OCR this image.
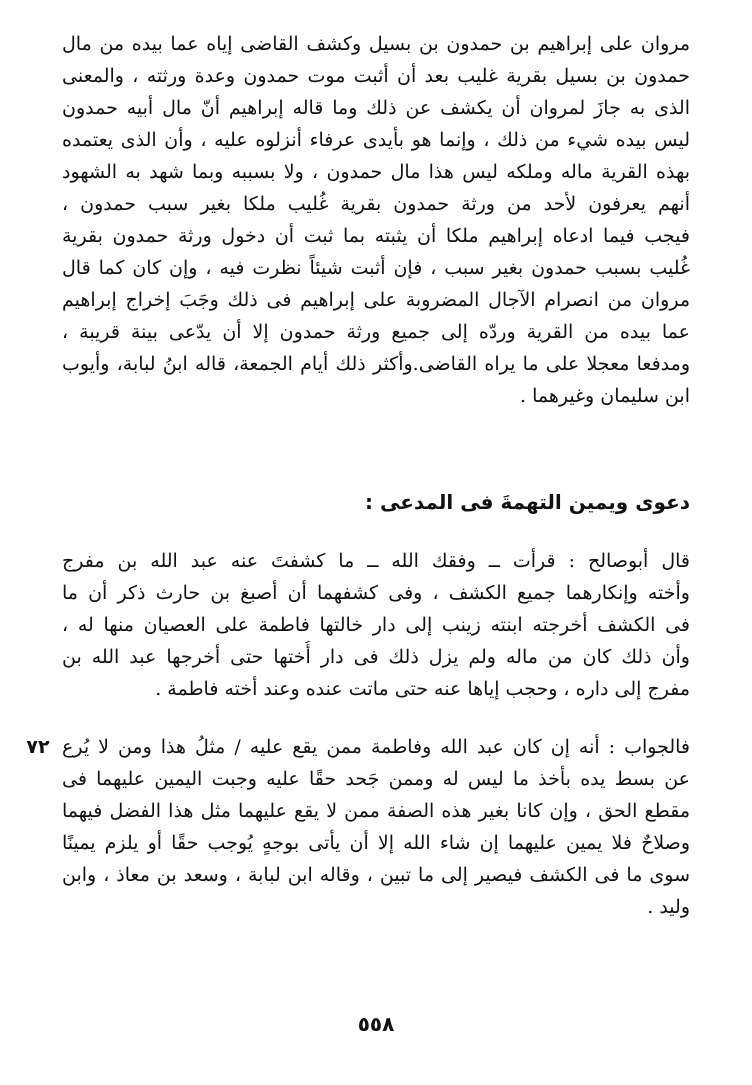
مروان على إبراهيم بن حمدون بن بسيل وكشف القاضى إياه عما بيده من مال
حمدون بن بسيل بقرية غليب بعد أن أثبت موت حمدون وعدة ورثته ، والمعنى
الذى به جازَ لمروان أن يكشف عن ذلك وما قاله إبراهيم أنّ مال أبيه حمدون
ليس بيده شيء من ذلك ، وإنما هو بأيدى عرفاء أنزلوه عليه ، وأن الذى يعتمده
بهذه القرية ماله وملكه ليس هذا مال حمدون ، ولا بسببه وبما شهد به الشهود
أنهم يعرفون لأحد من ورثة حمدون بقرية غُليب ملكا بغير سبب حمدون ،
فيجب فيما ادعاه إبراهيم ملكا أن يثبته بما ثبت أن دخول ورثة حمدون بقرية
غُليب بسبب حمدون بغير سبب ، فإن أثبت شيئاً نظرت فيه ، وإن كان كما قال
مروان من انصرام الآجال المضروبة على إبراهيم فى ذلك وجَبَ إخراج إبراهيم
عما بيده من القرية وردّه إلى جميع ورثة حمدون إلا أن يدّعى بينة قريبة ،
ومدفعا معجلا على ما يراه القاضى.وأكثر ذلك أيام الجمعة، قاله ابنُ لبابة، وأيوب
ابن سليمان وغيرهما .
دعوى ويمين التهمةَ فى المدعى :
قال أبوصالح : قرأت ــ وفقك الله ــ ما كشفتَ عنه عبد الله بن مفرج
وأخته وإنكارهما جميع الكشف ، وفى كشفهما أن أصبغ بن حارث ذكر أن ما
فى الكشف أخرجته ابنته زينب إلى دار خالتها فاطمة على العصيان منها له ،
وأن ذلك كان من ماله ولم يزل ذلك فى دار أُختها حتى أخرجها عبد الله بن
مفرج إلى داره ، وحجب إياها عنه حتى ماتت عنده وعند أخته فاطمة .
٧٢ فالجواب : أنه إن كان عبد الله وفاطمة ممن يقع عليه / مثلُ هذا ومن لا يُرع
عن بسط يده بأخذ ما ليس له وممن جَحد حقًا عليه وجبت اليمين عليهما فى
مقطع الحق ، وإن كانا بغير هذه الصفة ممن لا يقع عليهما مثل هذا الفضل فيهما
وصلاحٌ فلا يمين عليهما إن شاء الله إلا أن يأتى بوجهٍ يُوجب حقًا أو يلزم يمينًا
سوى ما فى الكشف فيصير إلى ما تبين ، وقاله ابن لبابة ، وسعد بن معاذ ، وابن
وليد .
٥٥٨
